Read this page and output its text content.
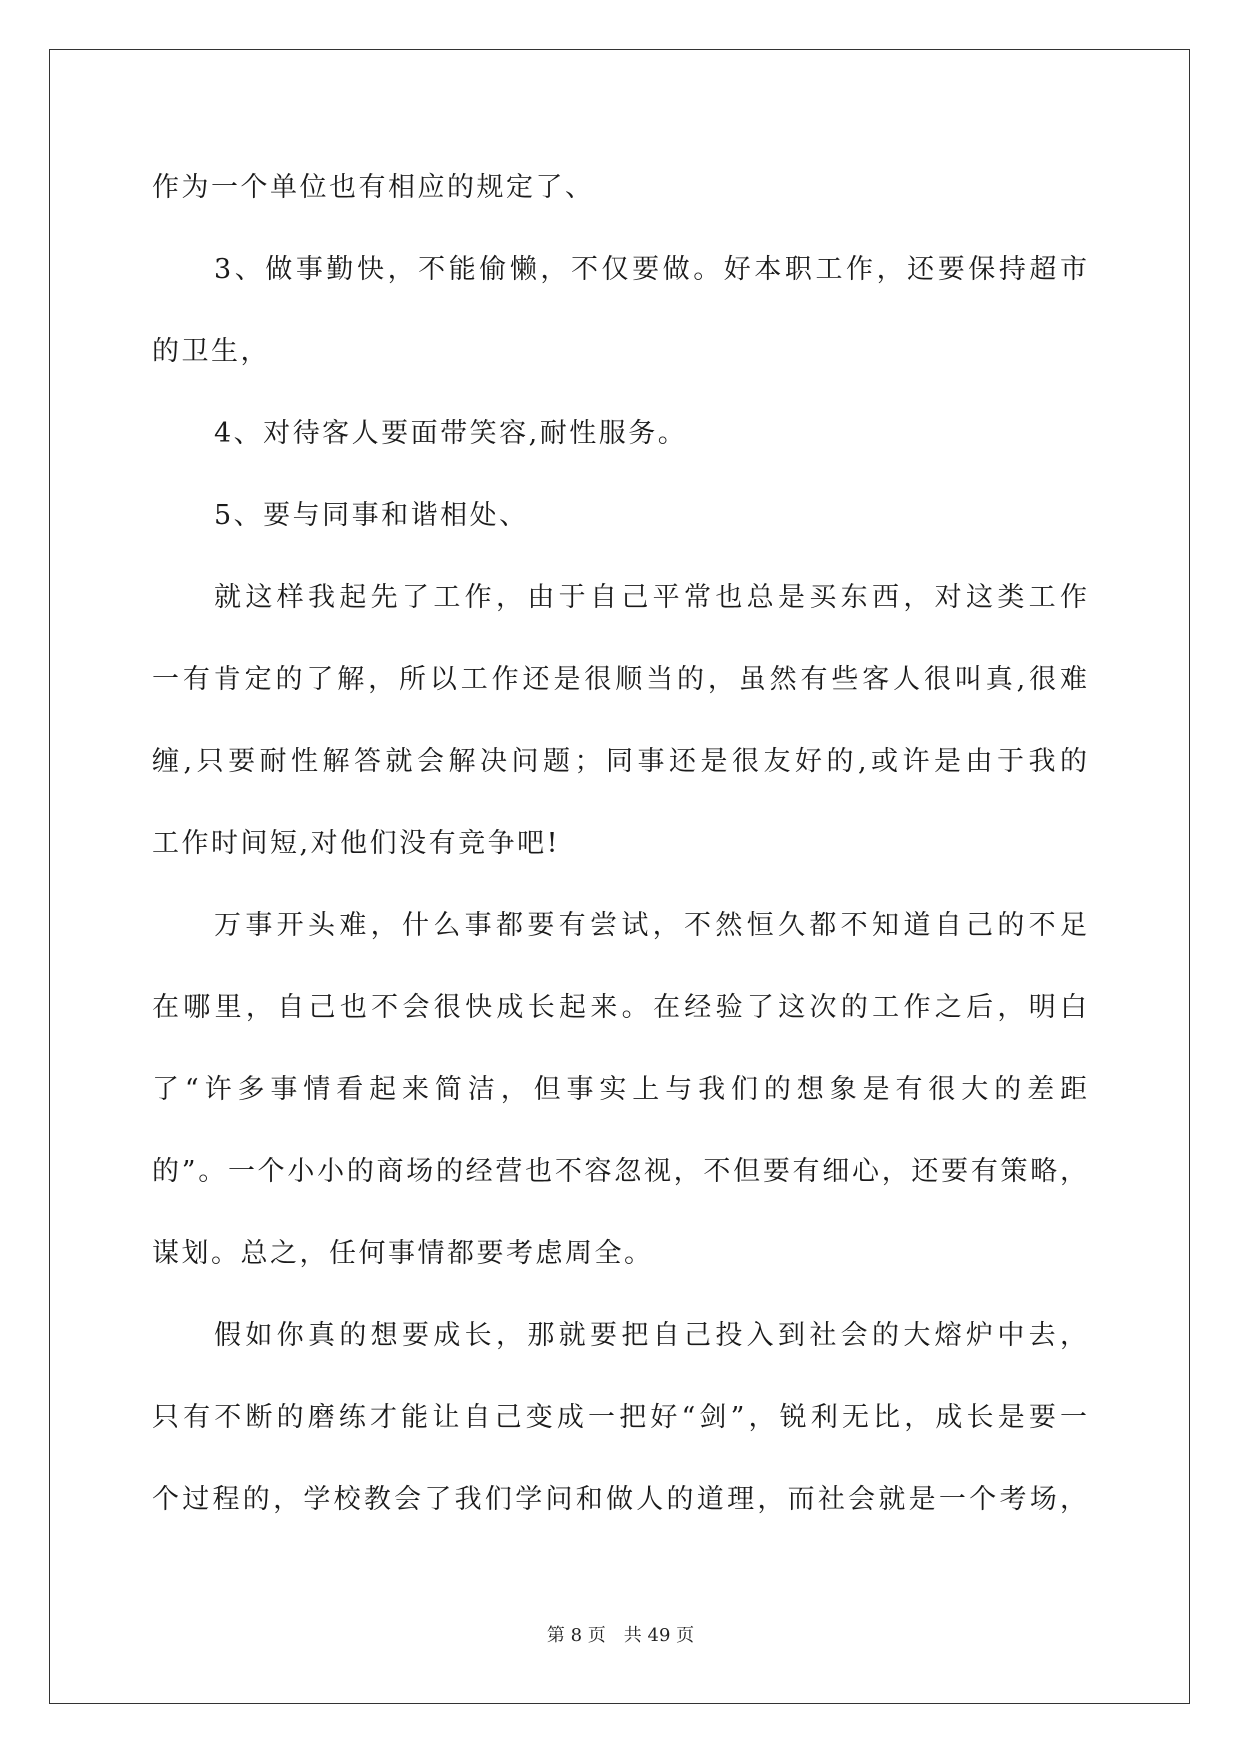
作为一个单位也有相应的规定了、
3、做事勤快，不能偷懒，不仅要做。好本职工作，还要保持超市
的卫生，
4、对待客人要面带笑容,耐性服务。
5、要与同事和谐相处、
就这样我起先了工作，由于自己平常也总是买东西，对这类工作
一有肯定的了解，所以工作还是很顺当的，虽然有些客人很叫真,很难
缠,只要耐性解答就会解决问题；同事还是很友好的,或许是由于我的
工作时间短,对他们没有竞争吧!
万事开头难，什么事都要有尝试，不然恒久都不知道自己的不足
在哪里，自己也不会很快成长起来。在经验了这次的工作之后，明白
了“许多事情看起来简洁，但事实上与我们的想象是有很大的差距
的”。一个小小的商场的经营也不容忽视，不但要有细心，还要有策略，
谋划。总之，任何事情都要考虑周全。
假如你真的想要成长，那就要把自己投入到社会的大熔炉中去，
只有不断的磨练才能让自己变成一把好“剑”，锐利无比，成长是要一
个过程的，学校教会了我们学问和做人的道理，而社会就是一个考场，
第 8 页 共 49 页
